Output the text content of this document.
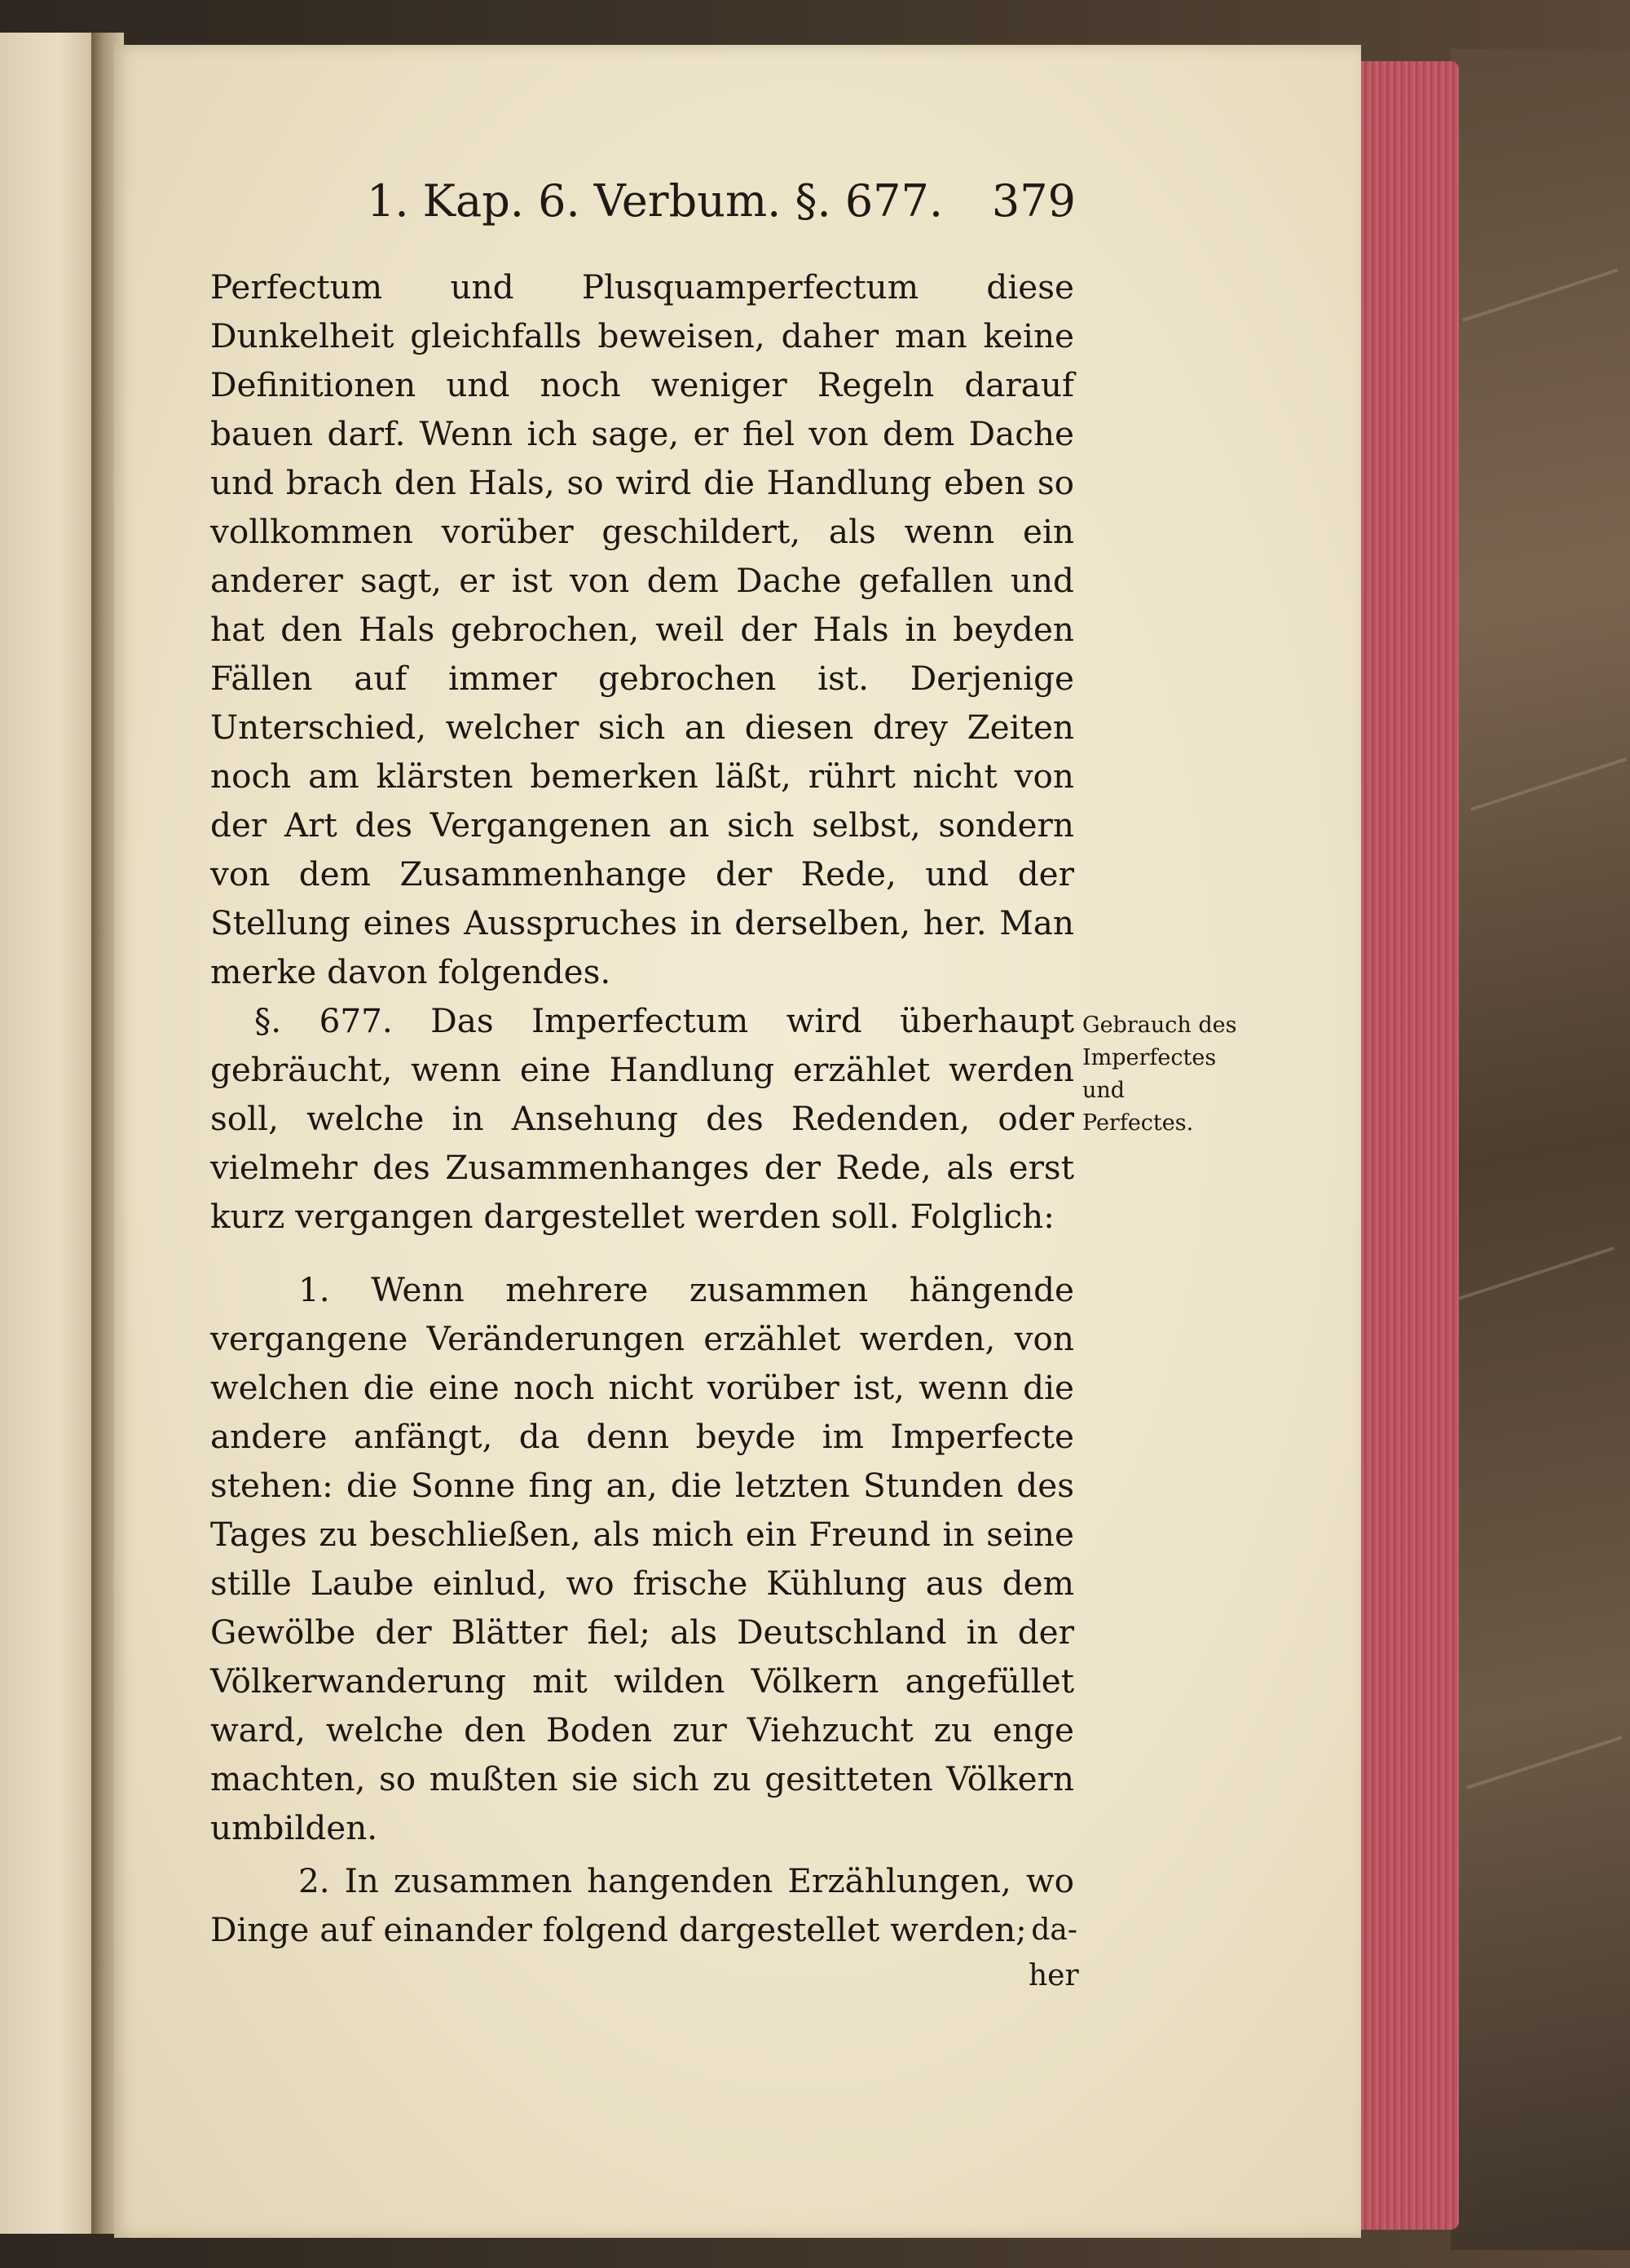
1. Kap. 6. Verbum. §. 677. 379
Perfectum und Plusquamperfectum diese Dunkelheit gleichfalls beweisen, daher man keine Definitionen und noch weniger Regeln darauf bauen darf. Wenn ich sage, er fiel von dem Dache und brach den Hals, so wird die Handlung eben so vollkommen vorüber geschildert, als wenn ein anderer sagt, er ist von dem Dache gefallen und hat den Hals gebrochen, weil der Hals in beyden Fällen auf immer gebrochen ist. Derjenige Unterschied, welcher sich an diesen drey Zeiten noch am klärsten bemerken läßt, rührt nicht von der Art des Vergangenen an sich selbst, sondern von dem Zusammenhange der Rede, und der Stellung eines Ausspruches in derselben, her. Man merke davon folgendes.
§. 677. Das Imperfectum wird überhaupt gebräucht, wenn eine Handlung erzählet werden soll, welche in Ansehung des Redenden, oder vielmehr des Zusammenhanges der Rede, als erst kurz vergangen dargestellet werden soll. Folglich:
1. Wenn mehrere zusammen hängende vergangene Veränderungen erzählet werden, von welchen die eine noch nicht vorüber ist, wenn die andere anfängt, da denn beyde im Imperfecte stehen: die Sonne fing an, die letzten Stunden des Tages zu beschließen, als mich ein Freund in seine stille Laube einlud, wo frische Kühlung aus dem Gewölbe der Blätter fiel; als Deutschland in der Völkerwanderung mit wilden Völkern angefüllet ward, welche den Boden zur Viehzucht zu enge machten, so mußten sie sich zu gesitteten Völkern umbilden.
2. In zusammen hangenden Erzählungen, wo Dinge auf einander folgend dargestellet werden;
Gebrauch des Imperfectes und Perfectes.
da-
her
